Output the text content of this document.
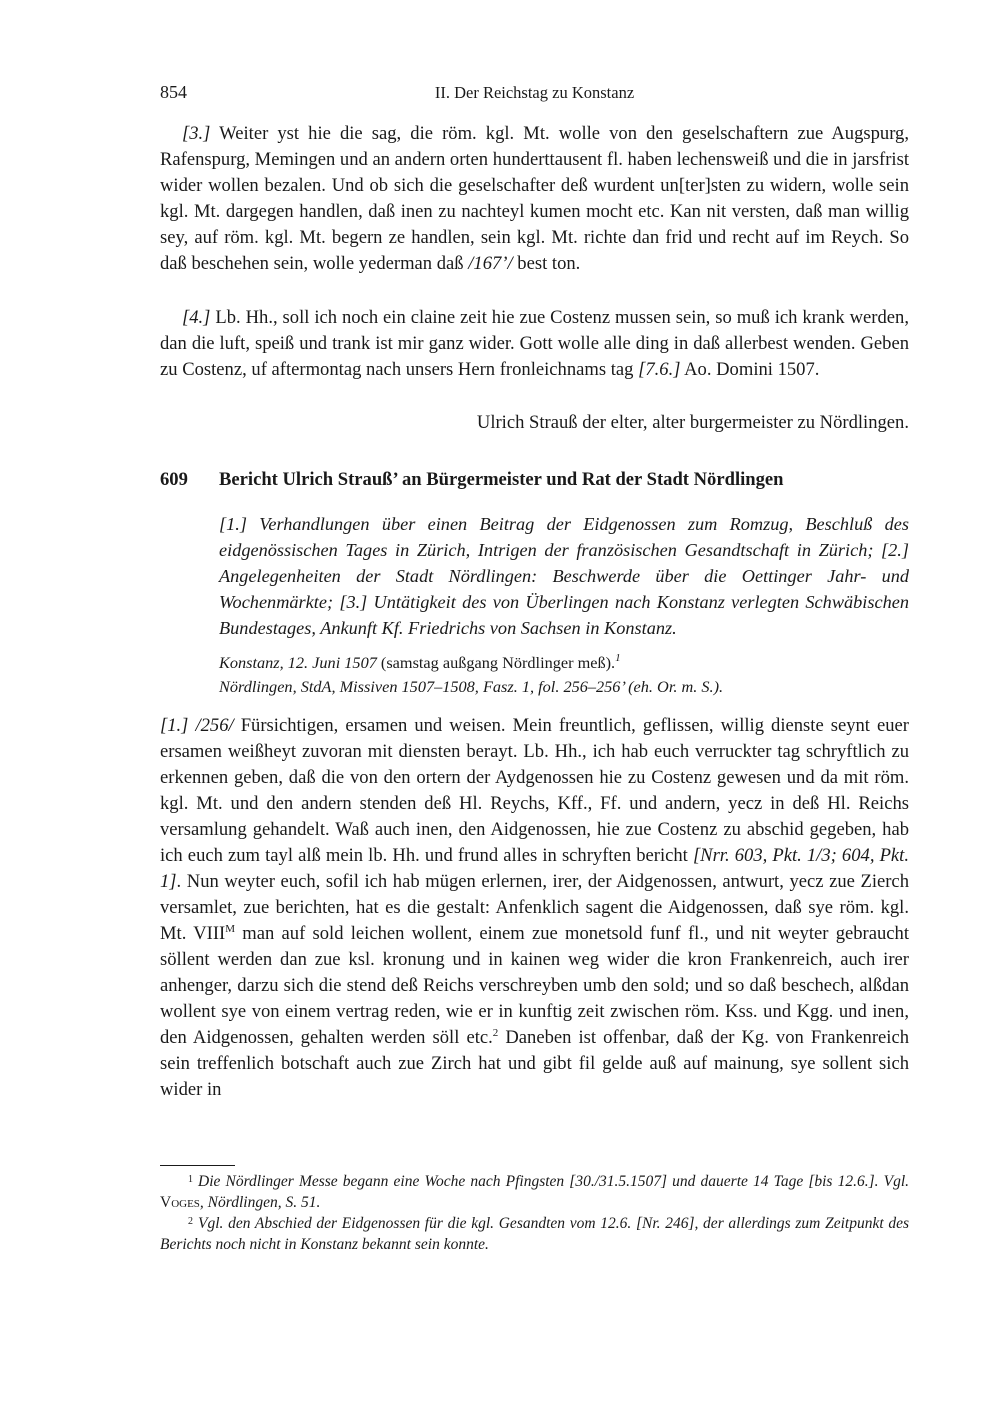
854	II. Der Reichstag zu Konstanz

[3.] Weiter yst hie die sag, die röm. kgl. Mt. wolle von den geselschaftern zue Augspurg, Rafenspurg, Memingen und an andern orten hunderttausent fl. haben lechensweiß und die in jarsfrist wider wollen bezalen. Und ob sich die geselschafter deß wurdent un[ter]sten zu widern, wolle sein kgl. Mt. dargegen handlen, daß inen zu nachteyl kumen mocht etc. Kan nit versten, daß man willig sey, auf röm. kgl. Mt. begern ze handlen, sein kgl. Mt. richte dan frid und recht auf im Reych. So daß beschehen sein, wolle yederman daß /167’/ best ton.

[4.] Lb. Hh., soll ich noch ein claine zeit hie zue Costenz mussen sein, so muß ich krank werden, dan die luft, speiß und trank ist mir ganz wider. Gott wolle alle ding in daß allerbest wenden. Geben zu Costenz, uf aftermontag nach unsers Hern fronleichnams tag [7.6.] Ao. Domini 1507.

Ulrich Strauß der elter, alter burgermeister zu Nördlingen.
609 Bericht Ulrich Strauß’ an Bürgermeister und Rat der Stadt Nördlingen

[1.] Verhandlungen über einen Beitrag der Eidgenossen zum Romzug, Beschluß des eidgenössischen Tages in Zürich, Intrigen der französischen Gesandtschaft in Zürich; [2.] Angelegenheiten der Stadt Nördlingen: Beschwerde über die Oettinger Jahr- und Wochenmärkte; [3.] Untätigkeit des von Überlingen nach Konstanz verlegten Schwäbischen Bundestages, Ankunft Kf. Friedrichs von Sachsen in Konstanz.

Konstanz, 12. Juni 1507 (samstag außgang Nördlinger meß).$^1$

Nördlingen, StdA, Missiven 1507–1508, Fasz. 1, fol. 256–256’ (eh. Or. m. S.).

[1.] /256/ Fürsichtigen, ersamen und weisen. Mein freuntlich, geflissen, willig dienste seynt euer ersamen weißheyt zuvoran mit diensten berayt. Lb. Hh., ich hab euch verruckter tag schryftlich zu erkennen geben, daß die von den ortern der Aydgenossen hie zu Costenz gewesen und da mit röm. kgl. Mt. und den andern stenden deß Hl. Reychs, Kff., Ff. und andern, yecz in deß Hl. Reichs versamlung gehandelt. Waß auch inen, den Aidgenossen, hie zue Costenz zu abschid gegeben, hab ich euch zum tayl alß mein lb. Hh. und frund alles in schryften bericht [Nrr. 603, Pkt. 1/3; 604, Pkt. 1]. Nun weyter euch, sofil ich hab mügen erlernen, irer, der Aidgenossen, antwurt, yecz zue Zierch versamlet, zue berichten, hat es die gestalt: Anfenklich sagent die Aidgenossen, daß sye röm. kgl. Mt. $VIII^M$ man auf sold leichen wollent, einem zue monetsold funf fl., und nit weyter gebraucht söllent werden dan zue ksl. kronung und in kainen weg wider die kron Frankenreich, auch irer anhenger, darzu sich die stend deß Reichs verschreyben umb den sold; und so daß beschech, alßdan wollent sye von einem vertrag reden, wie er in kunftig zeit zwischen röm. Kss. und Kgg. und inen, den Aidgenossen, gehalten werden söll etc.$^2$ Daneben ist offenbar, daß der Kg. von Frankenreich sein treffenlich botschaft auch zue Zirch hat und gibt fil gelde auß auf mainung, sye sollent sich wider in

$^1$ Die Nördlinger Messe begann eine Woche nach Pfingsten [30./31.5.1507] und dauerte 14 Tage [bis 12.6.]. Vgl. Voges, Nördlingen, S. 51.

$^2$ Vgl. den Abschied der Eidgenossen für die kgl. Gesandten vom 12.6. [Nr. 246], der allerdings zum Zeitpunkt des Berichts noch nicht in Konstanz bekannt sein konnte.
